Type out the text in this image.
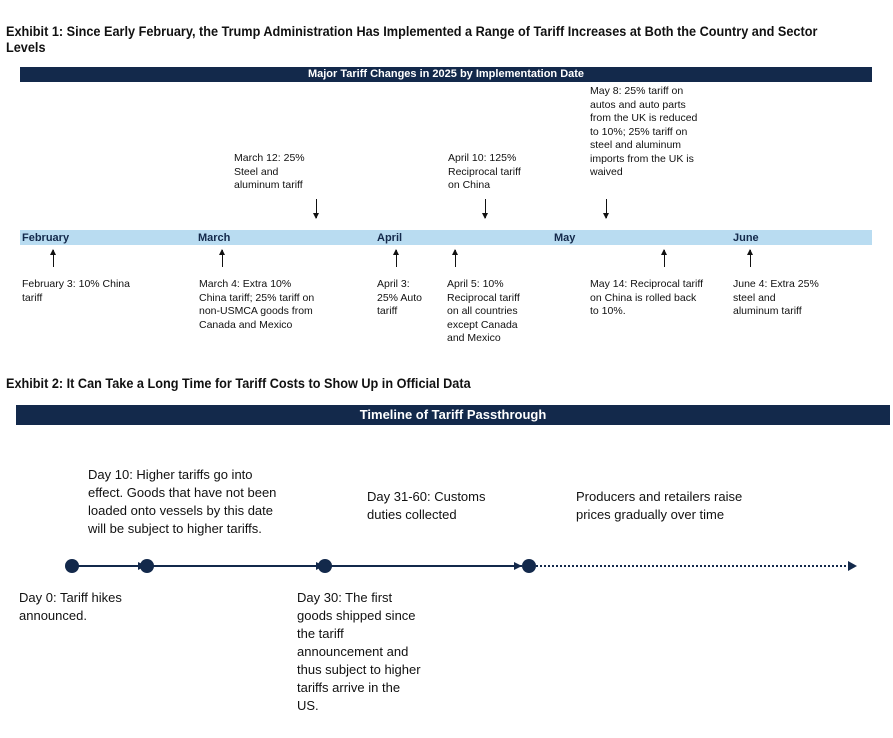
Exhibit 1: Since Early February, the Trump Administration Has Implemented a Range of Tariff Increases at Both the Country and Sector
Levels
Major Tariff Changes in 2025 by Implementation Date
February	March	April	May	June
March 12: 25%
Steel and
aluminum tariff
April 10: 125%
Reciprocal tariff
on China
May 8: 25% tariff on
autos and auto parts
from the UK is reduced
to 10%; 25% tariff on
steel and aluminum
imports from the UK is
waived
February 3: 10% China
tariff
March 4: Extra 10%
China tariff; 25% tariff on
non-USMCA goods from
Canada and Mexico
April 3:
25% Auto
tariff
April 5: 10%
Reciprocal tariff
on all countries
except Canada
and Mexico
May 14: Reciprocal tariff
on China is rolled back
to 10%.
June 4: Extra 25%
steel and
aluminum tariff
Exhibit 2: It Can Take a Long Time for Tariff Costs to Show Up in Official Data
Timeline of Tariff Passthrough
Day 10: Higher tariffs go into
effect. Goods that have not been
loaded onto vessels by this date
will be subject to higher tariffs.
Day 31-60: Customs
duties collected
Producers and retailers raise
prices gradually over time
Day 0: Tariff hikes
announced.
Day 30: The first
goods shipped since
the tariff
announcement and
thus subject to higher
tariffs arrive in the
US.
